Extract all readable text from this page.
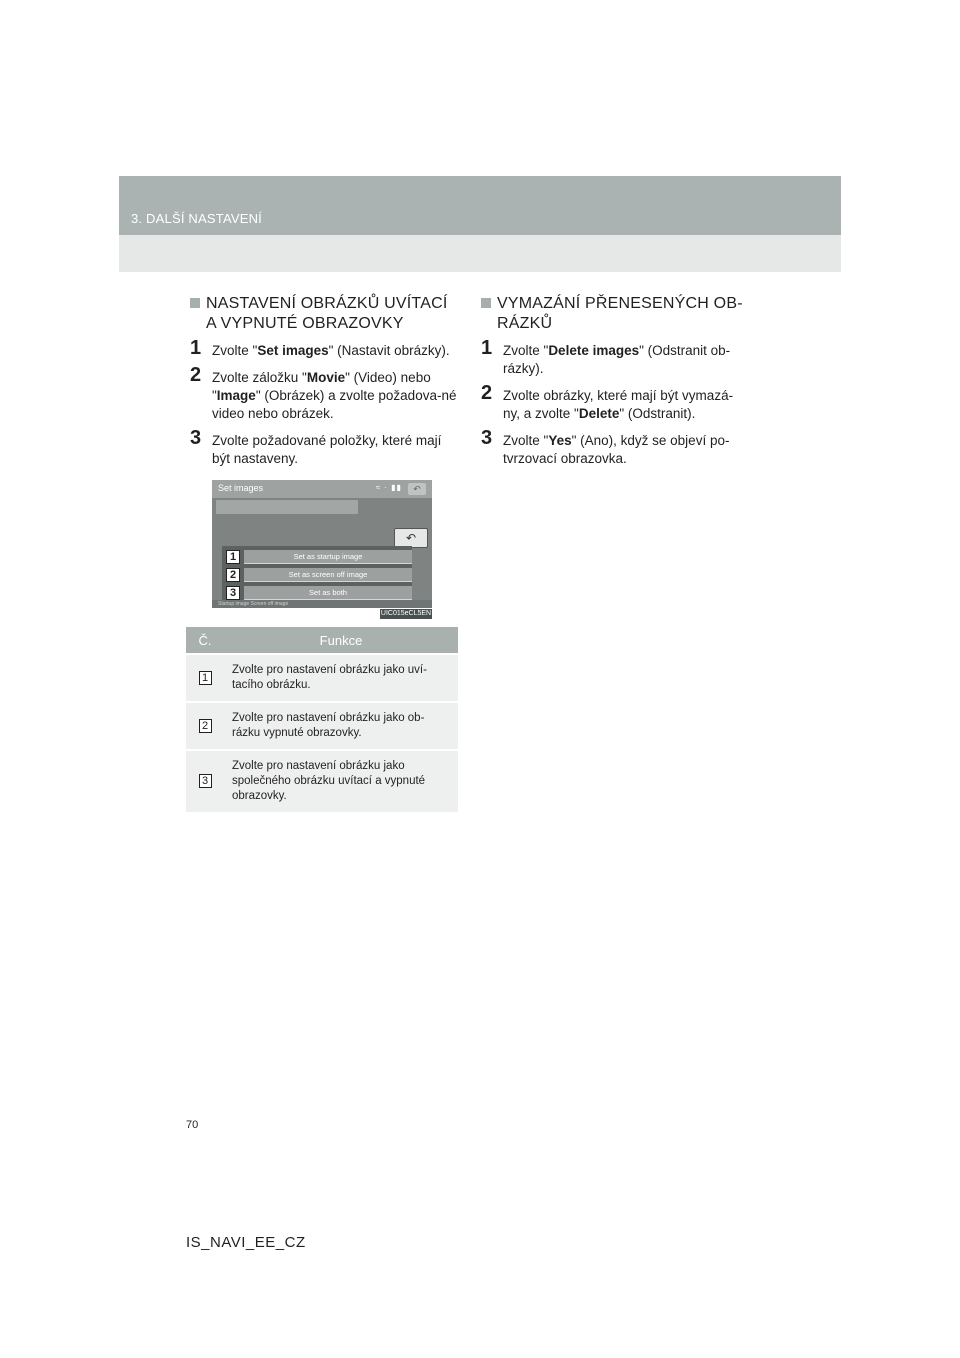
3. DALŠÍ NASTAVENÍ
NASTAVENÍ OBRÁZKŮ UVÍTACÍ A VYPNUTÉ OBRAZOVKY
1 Zvolte "Set images" (Nastavit obrázky).
2 Zvolte záložku "Movie" (Video) nebo "Image" (Obrázek) a zvolte požadova-né video nebo obrázek.
3 Zvolte požadované položky, které mají být nastaveny.
Set images	≈ · ▮▮	↶
↶
1	Set as startup image
2	Set as screen off image
3	Set as both
Startup image Screen off image
UIC015eCL5EN
Č.	Funkce
1	Zvolte pro nastavení obrázku jako uví-tacího obrázku.
2	Zvolte pro nastavení obrázku jako ob-rázku vypnuté obrazovky.
3	Zvolte pro nastavení obrázku jako společného obrázku uvítací a vypnuté obrazovky.
VYMAZÁNÍ PŘENESENÝCH OB-RÁZKŮ
1 Zvolte "Delete images" (Odstranit ob-rázky).
2 Zvolte obrázky, které mají být vymazá-ny, a zvolte "Delete" (Odstranit).
3 Zvolte "Yes" (Ano), když se objeví po-tvrzovací obrazovka.
70
IS_NAVI_EE_CZ
